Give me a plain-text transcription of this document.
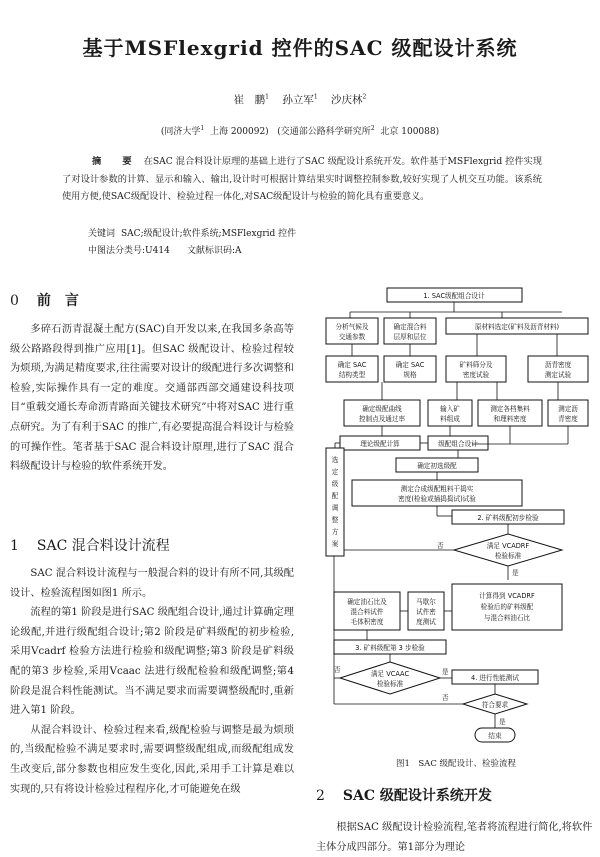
基于MSFlexgrid 控件的SAC 级配设计系统
崔　鹏$^1$ 孙立军$^1$ 沙庆林$^2$
(同济大学$^1$ 上海 200092) (交通部公路科学研究所$^2$ 北京 100088)
摘　要 在SAC 混合料设计原理的基础上进行了SAC 级配设计系统开发。软件基于MSFlexgrid 控件实现了对设计参数的计算、显示和输入、输出,设计时可根据计算结果实时调整控制参数,较好实现了人机交互功能。该系统使用方便,使SAC级配设计、检验过程一体化,对SAC级配设计与检验的简化具有重要意义。
关键词 SAC;级配设计;软件系统;MSFlexgrid 控件
中图法分类号:U414 文献标识码:A
0 前　言

多碎石沥青混凝土配方(SAC)自开发以来,在我国多条高等级公路路段得到推广应用[1]。但SAC 级配设计、检验过程较为烦琐,为满足精度要求,往往需要对设计的级配进行多次调整和检验,实际操作具有一定的难度。交通部西部交通建设科技项目“重载交通长寿命沥青路面关键技术研究”中将对SAC 进行重点研究。为了有利于SAC 的推广,有必要提高混合料设计与检验的可操作性。笔者基于SAC 混合料设计原理,进行了SAC 混合料级配设计与检验的软件系统开发。

1 SAC 混合料设计流程

SAC 混合料设计流程与一般混合料的设计有所不同,其级配设计、检验流程图如图1 所示。

流程的第1 阶段是进行SAC 级配组合设计,通过计算确定理论级配,并进行级配组合设计;第2 阶段是矿料级配的初步检验,采用Vcadrf 检验方法进行检验和级配调整;第3 阶段是矿料级配的第3 步检验,采用Vcaac 法进行级配检验和级配调整;第4 阶段是混合料性能测试。当不满足要求而需要调整级配时,重新进入第1 阶段。

从混合料设计、检验过程来看,级配检验与调整是最为烦琐的,当级配检验不满足要求时,需要调整级配组成,而级配组成发生改变后,部分参数也相应发生变化,因此,采用手工计算是难以实现的,只有将设计检验过程程序化,才可能避免在级

1. SAC级配组合设计
分析气候及
交通参数
确定混合料
层厚和层位
原材料选定(矿料及沥青材料)
确定 SAC
结构类型
确定 SAC
规格
矿料筛分及
密度试验
沥青密度
测定试验
确定级配曲线
控制点及通过率
输入矿
料组成
测定各档集料
和理料密度
测定沥
青密度
理论级配计算	级配组合设计
确定初选级配
测定合成级配粗料干捣实
密度(检验或插捣捣试)试验
2. 矿料级配初步检验
满足 VCADRF
检验标准
否
是
确定油石比及
混合料试件
毛体积密度
马歇尔
试件密
度测试
计算得到 VCADRF
检验后的矿料级配
与混合料油石比
3. 矿料级配第 3 步检验
满足 VCAAC
检验标准
否	是
4. 进行性能测试
符合要求
否
是
结束
选
定
级
配
调
整
方
案
图1　SAC 级配设计、检验流程
2 SAC 级配设计系统开发
根据SAC 级配设计检验流程,笔者将流程进行简化,将软件主体分成四部分。第1部分为理论
